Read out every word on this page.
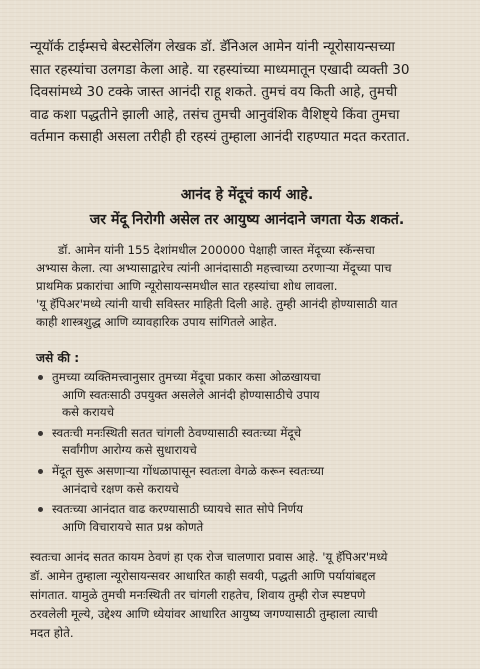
न्यूयॉर्क टाईम्सचे बेस्टसेलिंग लेखक डॉ. डॅनिअल आमेन यांनी न्यूरोसायन्सच्या
सात रहस्यांचा उलगडा केला आहे. या रहस्यांच्या माध्यमातून एखादी व्यक्ती 30
दिवसांमध्ये 30 टक्के जास्त आनंदी राहू शकते. तुमचं वय किती आहे, तुमची
वाढ कशा पद्धतीने झाली आहे, तसंच तुमची आनुवंशिक वैशिष्ट्ये किंवा तुमचा
वर्तमान कसाही असला तरीही ही रहस्यं तुम्हाला आनंदी राहण्यात मदत करतात.

आनंद हे मेंदूचं कार्य आहे.

जर मेंदू निरोगी असेल तर आयुष्य आनंदाने जगता येऊ शकतं.

डॉ. आमेन यांनी 155 देशांमधील 200000 पेक्षाही जास्त मेंदूच्या स्कॅन्सचा

अभ्यास केला. त्या अभ्यासाद्वारेच त्यांनी आनंदासाठी महत्त्वाच्या ठरणाऱ्या मेंदूच्या पाच

प्राथमिक प्रकारांचा आणि न्यूरोसायन्समधील सात रहस्यांचा शोध लावला.

'यू हॅपिअर'मध्ये त्यांनी याची सविस्तर माहिती दिली आहे. तुम्ही आनंदी होण्यासाठी यात

काही शास्त्रशुद्ध आणि व्यावहारिक उपाय सांगितले आहेत.

जसे की :

तुमच्या व्यक्तिमत्त्वानुसार तुमच्या मेंदूचा प्रकार कसा ओळखायचा
आणि स्वतःसाठी उपयुक्त असलेले आनंदी होण्यासाठीचे उपाय
कसे करायचे
स्वतःची मनःस्थिती सतत चांगली ठेवण्यासाठी स्वतःच्या मेंदूचे
सर्वांगीण आरोग्य कसे सुधारायचे
मेंदूत सुरू असणाऱ्या गोंधळापासून स्वतःला वेगळे करून स्वतःच्या
आनंदाचे रक्षण कसे करायचे
स्वतःच्या आनंदात वाढ करण्यासाठी घ्यायचे सात सोपे निर्णय
आणि विचारायचे सात प्रश्न कोणते

स्वतःचा आनंद सतत कायम ठेवणं हा एक रोज चालणारा प्रवास आहे. 'यू हॅपिअर'मध्ये

डॉ. आमेन तुम्हाला न्यूरोसायन्सवर आधारित काही सवयी, पद्धती आणि पर्यायांबद्दल

सांगतात. यामुळे तुमची मनःस्थिती तर चांगली राहतेच, शिवाय तुम्ही रोज स्पष्टपणे

ठरवलेली मूल्ये, उद्देश्य आणि ध्येयांवर आधारित आयुष्य जगण्यासाठी तुम्हाला त्याची

मदत होते.
